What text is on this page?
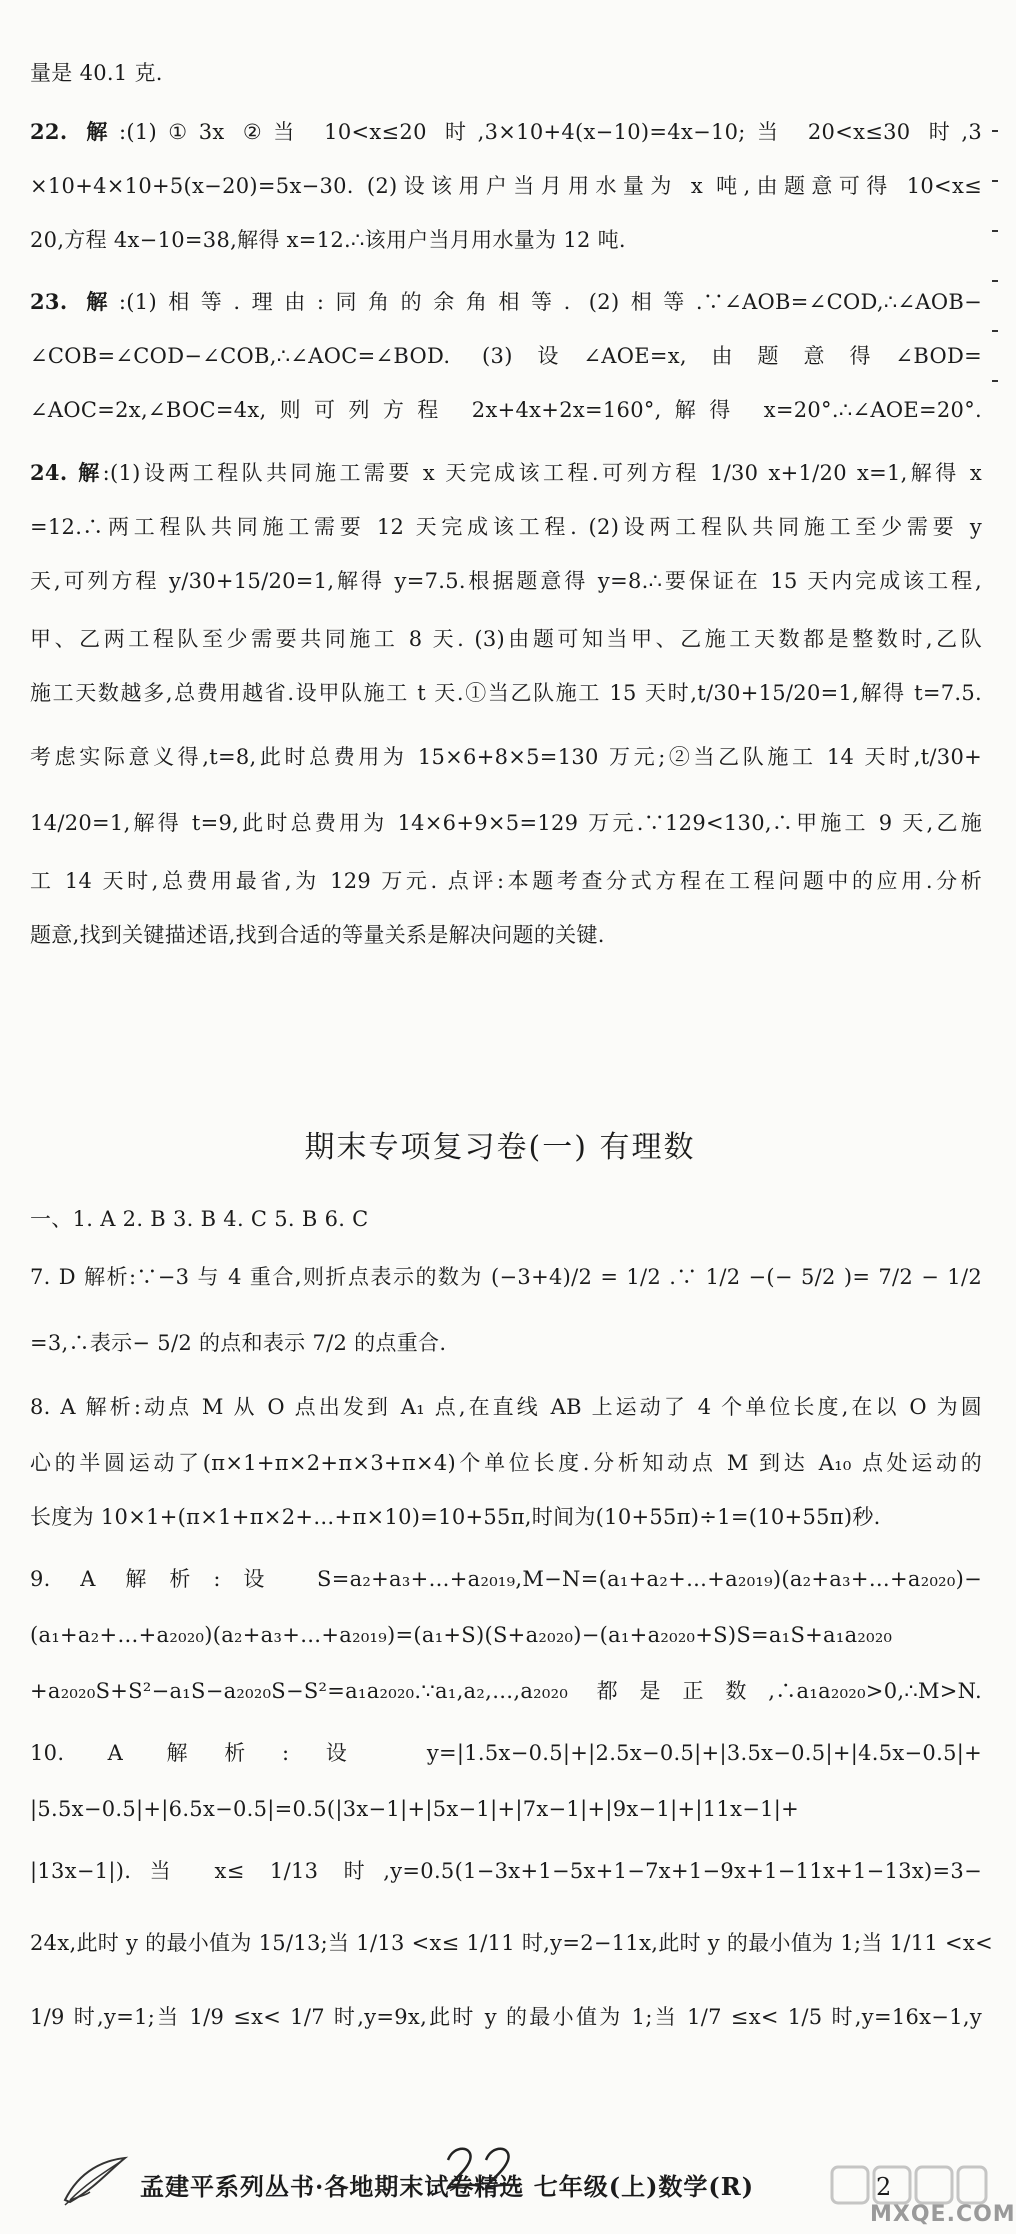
量是 40.1 克.
22. 解:(1)①3x ②当 10<x≤20 时,3×10+4(x−10)=4x−10;当 20<x≤30 时,3
×10+4×10+5(x−20)=5x−30. (2)设该用户当月用水量为 x 吨,由题意可得 10<x≤
20,方程 4x−10=38,解得 x=12.∴该用户当月用水量为 12 吨.
23. 解:(1)相等.理由:同角的余角相等. (2)相等.∵∠AOB=∠COD,∴∠AOB−
∠COB=∠COD−∠COB,∴∠AOC=∠BOD. (3)设∠AOE=x,由题意得∠BOD=
∠AOC=2x,∠BOC=4x,则可列方程 2x+4x+2x=160°,解得 x=20°.∴∠AOE=20°.
24. 解:(1)设两工程队共同施工需要 x 天完成该工程.可列方程 1/30 x+1/20 x=1,解得 x
=12.∴两工程队共同施工需要 12 天完成该工程. (2)设两工程队共同施工至少需要 y
天,可列方程 y/30+15/20=1,解得 y=7.5.根据题意得 y=8.∴要保证在 15 天内完成该工程,
甲、乙两工程队至少需要共同施工 8 天. (3)由题可知当甲、乙施工天数都是整数时,乙队
施工天数越多,总费用越省.设甲队施工 t 天.①当乙队施工 15 天时,t/30+15/20=1,解得 t=7.5.
考虑实际意义得,t=8,此时总费用为 15×6+8×5=130 万元;②当乙队施工 14 天时,t/30+
14/20=1,解得 t=9,此时总费用为 14×6+9×5=129 万元.∵129<130,∴甲施工 9 天,乙施
工 14 天时,总费用最省,为 129 万元. 点评:本题考查分式方程在工程问题中的应用.分析
题意,找到关键描述语,找到合适的等量关系是解决问题的关键.
期末专项复习卷(一) 有理数
一、1. A 2. B 3. B 4. C 5. B 6. C
7. D 解析:∵−3 与 4 重合,则折点表示的数为 (−3+4)/2 = 1/2 .∵ 1/2 −(− 5/2 )= 7/2 − 1/2
=3,∴表示− 5/2 的点和表示 7/2 的点重合.
8. A 解析:动点 M 从 O 点出发到 A₁ 点,在直线 AB 上运动了 4 个单位长度,在以 O 为圆
心的半圆运动了(π×1+π×2+π×3+π×4)个单位长度.分析知动点 M 到达 A₁₀ 点处运动的
长度为 10×1+(π×1+π×2+…+π×10)=10+55π,时间为(10+55π)÷1=(10+55π)秒.
9. A 解析:设 S=a₂+a₃+…+a₂₀₁₉,M−N=(a₁+a₂+…+a₂₀₁₉)(a₂+a₃+…+a₂₀₂₀)−
(a₁+a₂+…+a₂₀₂₀)(a₂+a₃+…+a₂₀₁₉)=(a₁+S)(S+a₂₀₂₀)−(a₁+a₂₀₂₀+S)S=a₁S+a₁a₂₀₂₀
+a₂₀₂₀S+S²−a₁S−a₂₀₂₀S−S²=a₁a₂₀₂₀.∵a₁,a₂,…,a₂₀₂₀ 都是正数,∴a₁a₂₀₂₀>0,∴M>N.
10. A 解析:设 y=|1.5x−0.5|+|2.5x−0.5|+|3.5x−0.5|+|4.5x−0.5|+
|5.5x−0.5|+|6.5x−0.5|=0.5(|3x−1|+|5x−1|+|7x−1|+|9x−1|+|11x−1|+
|13x−1|).当 x≤ 1/13 时,y=0.5(1−3x+1−5x+1−7x+1−9x+1−11x+1−13x)=3−
24x,此时 y 的最小值为 15/13;当 1/13 <x≤ 1/11 时,y=2−11x,此时 y 的最小值为 1;当 1/11 <x<
1/9 时,y=1;当 1/9 ≤x< 1/7 时,y=9x,此时 y 的最小值为 1;当 1/7 ≤x< 1/5 时,y=16x−1,y
孟建平系列丛书·各地期末试卷精选 七年级(上)数学(R)	2
MXQE.COM
